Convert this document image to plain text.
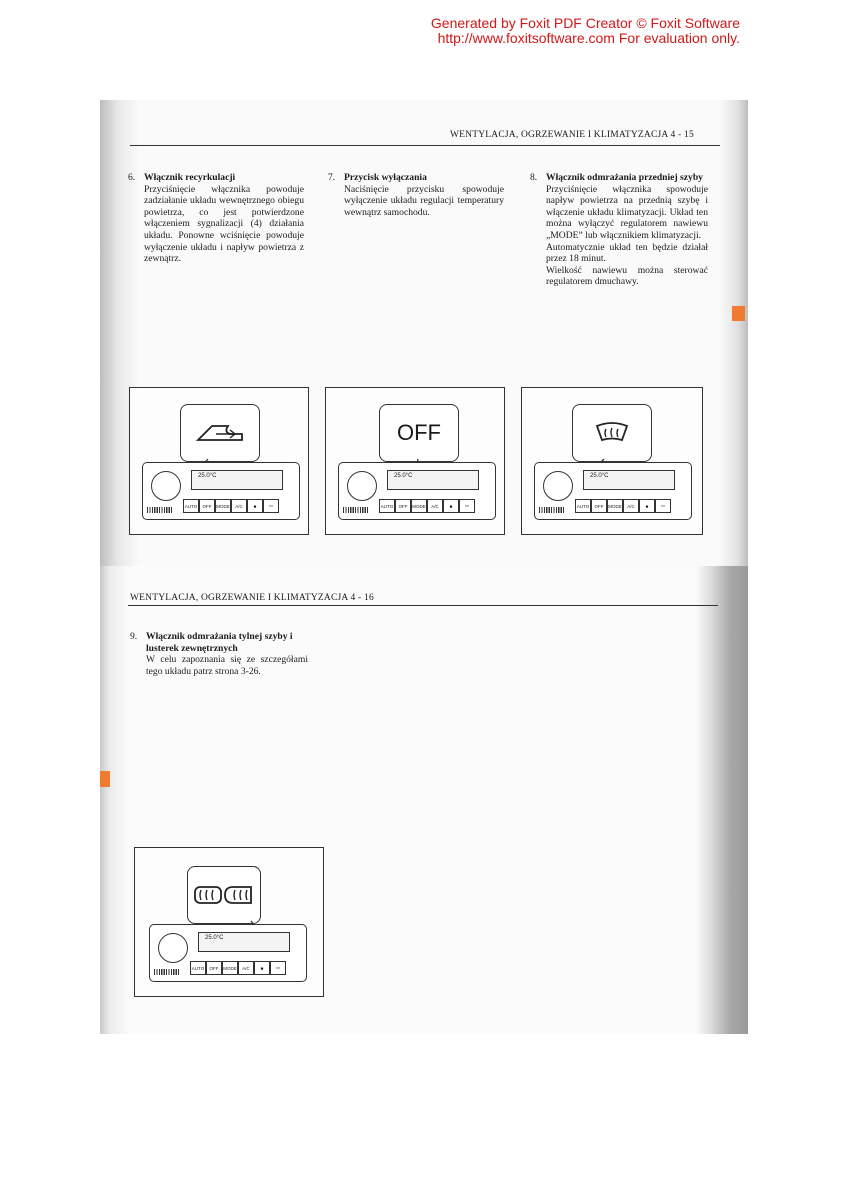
Generated by Foxit PDF Creator © Foxit Software
http://www.foxitsoftware.com For evaluation only.
WENTYLACJA, OGRZEWANIE I KLIMATYZACJA 4 - 15
6. Włącznik recyrkulacji

Przyciśnięcie włącznika powoduje zadziałanie układu wewnętrznego obiegu powietrza, co jest potwierdzone włączeniem sygnalizacji (4) działania układu. Ponowne wciśnięcie powoduje wyłączenie układu i napływ powietrza z zewnątrz.

7. Przycisk wyłączania

Naciśnięcie przycisku spowoduje wyłączenie układu regulacji temperatury wewnątrz samochodu.

8. Włącznik odmrażania przedniej szyby

Przyciśnięcie włącznika spowoduje napływ powietrza na przednią szybę i włączenie układu klimatyzacji. Układ ten można wyłączyć regulatorem nawiewu „MODE” lub włącznikiem klimatyzacji.

Automatycznie układ ten będzie działał przez 18 minut.

Wielkość nawiewu można sterować regulatorem dmuchawy.

25.0°C
AUTO	OFF	MODE	A/C	■	▭
OFF
25.0°C
AUTO	OFF	MODE	A/C	■	▭
25.0°C
AUTO	OFF	MODE	A/C	■	▭
WENTYLACJA, OGRZEWANIE I KLIMATYZACJA 4 - 16
9. Włącznik odmrażania tylnej szyby i lusterek zewnętrznych

W celu zapoznania się ze szczegółami tego układu patrz strona 3-26.

25.0°C
AUTO	OFF	MODE	A/C	■	▭
